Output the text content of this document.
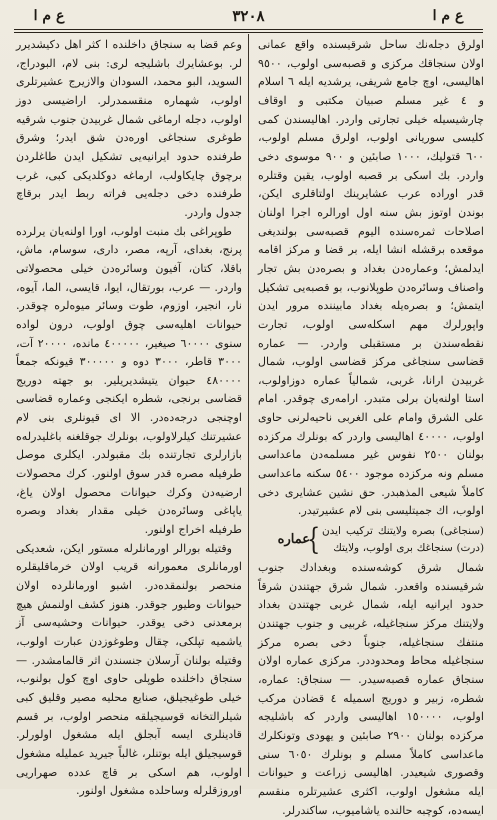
ع م ا	٣٢٠٨	ع م ا

اولرق دجلەنك ساحل شرقیسندە واقع عمانى اولان سنجاقك مركزى و قصبەسى اولوب، ٩٥٠٠ اهالیسی، اوچ جامع شریفی، یرشدیه ایلە ٦ اسلام و ٤ غیر مسلم صبیان مكتبی و اوقاف چارشیسیلە خیلی تجارتى واردر. اهالیسندن كمی كلیسی سوریانى اولوب، اولرق مسلم اولوب، ٦٠٠ قتولیك، ١٠٠٠ صابئین و ٩٠٠ موسوی دخى واردر. بك اسكى بر قصبە اولوب، یقین وقتلرە قدر اوراده عرب عشایرینك اولتاقلرى ایكن، بوندن اوتوز بش سنە اول اورالره اجرا اولنان اصلاحات ثمرەسنده الیوم قصبەسی بولندیغی موقعدە برقشلە انشا ایلە، بر قضا و مركز اقامە ایدلمش؛ وعمارەدن بغداد و بصرەدن بش تجار واصناف وسائرەدن طوپلانوب، بو قصبەیی تشكیل ایتمش؛ و بصرەیلە بغداد مابیننده مرور ایدن واپورلرك مهم اسكلەسى اولوب، تجارت نقطه‌سندن بر مستقبلی واردر. — عمارە قضاسی سنجاغی مركز قضاسی اولوب، شمال غربیدن ارانا، غربی، شمالیاً عماره دوزاولوب، استا اولنه‌یان برلى متبدر. ارامه‌رى چوقدر. امام على الشرق وامام على الغربى ناحیەلرنى حاوى اولوب، ٤٠٠٠٠ اهالیسی واردر که بونلرك مركزده بولنان ٢٥٠٠ نفوس غیر مسلمەدن ماعداسی مسلم ونه مركزده موجود ٥٤٠٠ سكنه ماعداسی كاملاً شیعى المذهبدر. حق نشين عشايرى دخى اولوب، اك جمیتلیسی بنی لام عشیرتیدر.

(سنجاغى) بصره ولایتنك تركیب ایدن (درت) سنجاغك برى اولوب، ولایتك
}
عماره

شمال شرق كوشەسنده وبغدادك جنوب شرقیسنده واقعدر. شمال شرق جهتندن شرقاً حدود ایرانیە ایلە، شمال غربی جهتندن بغداد ولایتنك مركز سنجاغیلە، غربیى و جنوب جهتندن منتفك سنجاغیلە، جنوباً دخى بصره مركز سنجاغیلە محاط ومحدوددر. مركزى عماره اولان سنجاق عماره قصبەسیدر. — سنجاق: عماره، شطره، زبیر و دوریج اسمیلە ٤ قضادن مركب اولوب، ١٥٠٠٠٠ اهالیسی واردر كه باشلیجه مركزده بولنان ٢٩٠٠ صابئین و یهودى وتونكلرك ماعداسى كاملاً مسلم و بونلرك ٦٠٥٠ سنی وقصوری شیعیدر. اهالیسی زراعت و حیوانات ایله مشغول اولوب، اكثرى عشیرتلره منقسم ایسەده، كوچبه حالنده یاشامیوب، ساكندرلر.

وعم‌ قضا بە سنجاق داخلنده ا كثر اهل دكیشدیرر لر. بوعشایرك باشلیجه لرى: بنى لام، البودراج، السوید، البو محمد، السودان والازیرج عشیرتلرى اولوب، شهمارە منقسمدرلر. اراضیسی دوز اولوب، دجله ارماغى شمال غربیدن جنوب شرقیە طوغرى سنجاغى اورەدن شق ایدر؛ وشرق طرفنده حدود ایرانیە‌یی تشكیل ایدن طاغلردن برچوق چایكاولب، ارماغە دوكلدیكى كبی، غرب طرفنده دخى دجلەیی فراته ربط ایدر برقاچ جدول واردر.

طوپراغی بك منبت اولوب، اورا اولنه‌یان یرلرده پرنج، بغدای، آرپه، مصر، داری، سوسام، ماش، باقلا، كتان، آفیون وسائرەدن خیلی محصولاتی واردر. — عرب، بورتقال، ایوا، قایسی، الما، آیوه، نار، انجیر، اوزوم، طوت وسائر میوه‌لرە چوقدر. حیوانات اهلیه‌سی چوق اولوب، درون لواده سنوى ٦٠٠٠٠ صیغیر، ٤٠٠٠٠٠ مانده، ٢٠٠٠٠ آت، ٣٠٠٠ قاطر، ٣٠٠٠ دوه و ٣٠٠٠٠٠ قیونكه جمعاً ٤٨٠٠٠٠ حیوان یتیشدیریلیر. بو جهته دوریج قضاسی برنجی، شطره ایكنجی وعماره قضاسی اوچنجی درجه‌دەدر. الا ای قیونلرى بنى لام عشیرتنك كیلرلاولوب، بونلرك جوقلغنه باغلیدرلەه بازارلرى تجارتنده بك مقبولدر. ایكلرى موصل طرفیله مصره قدر سوق اولنور. كرك محصولات ارضیەدن وكرك حیوانات محصول اولان یاغ، یاپاغی وسائرەدن خیلی مقدار بغداد وبصره طرفیله اخراج اولنور.

وقتیله بورالر اورمانلرله مستور ایكن، شعدیكی اورمانلرى معمورانه قریب اولان خرماقلیقلره منحصر بولنمقدەدر. اشبو اورمانلرده اولان حیوانات وطیور جوقدر. هنوز كشف اولنمش هیچ برمعدنی دخى یوقدر. حیوانات وحشیه‌سی آز یاشمیه تپلكی، چقال وطوغوزدن عبارت اولوب، وقتیله بولنان آرسلان جنسندن اثر قالمامشدر. — سنجاق داخلنده طوپلى حاوى اوچ كول بولنوب، خیلی طوغیجیلق، صنایع محلیه مصیر وقلیق كبی شیلرالتخانه قوسیجیلقه منحصر اولوب، بر قسم قادینلرى ایسه آبجلق ایله مشغول اولورلر. قوسیجیلق ایله بوتنلر، غالباً جیرید عملیله مشغول اولوب، هم اسكى بر قاچ عدده صهراریى اوروزقلرله وساحلده مشغول اولنور.
